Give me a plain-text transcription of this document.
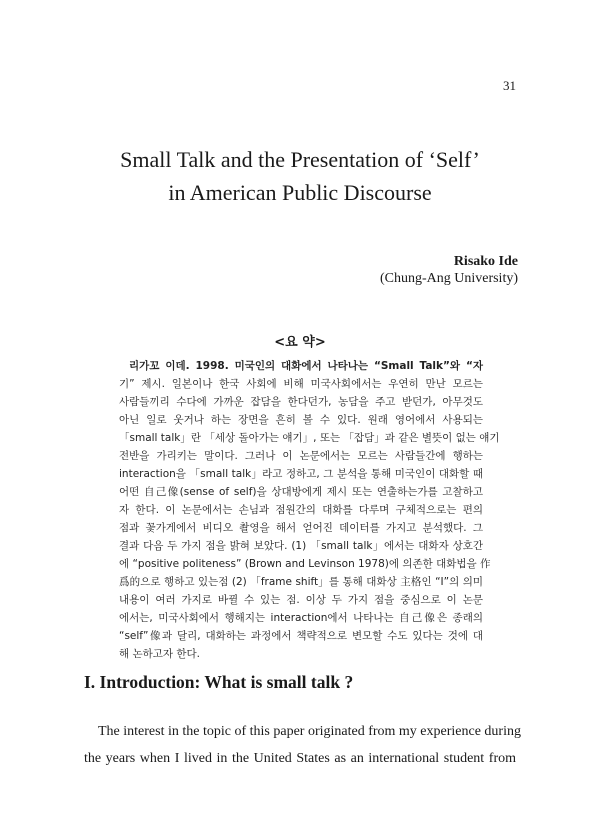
31
Small Talk and the Presentation of ‘Self’
in American Public Discourse
Risako Ide
(Chung-Ang University)
<요 약>
리가꼬 이데. 1998. 미국인의 대화에서 나타나는 “Small Talk”와 “자
기” 제시. 일본이나 한국 사회에 비해 미국사회에서는 우연히 만난 모르는
사람들끼리 수다에 가까운 잡담을 한다던가, 농담을 주고 받던가, 아무것도
아닌 일로 웃거나 하는 장면을 흔히 볼 수 있다. 원래 영어에서 사용되는
「small talk」란 「세상 돌아가는 얘기」, 또는 「잡담」과 같은 별뜻이 없는 얘기
전반을 가리키는 말이다. 그러나 이 논문에서는 모르는 사람들간에 행하는
interaction을 「small talk」라고 정하고, 그 분석을 통해 미국인이 대화할 때
어떤 自己像(sense of self)을 상대방에게 제시 또는 연출하는가를 고찰하고
자 한다. 이 논문에서는 손님과 점원간의 대화를 다루며 구체적으로는 편의
점과 꽃가게에서 비디오 촬영을 해서 얻어진 데이터를 가지고 분석했다. 그
결과 다음 두 가지 점을 밝혀 보았다. (1) 「small talk」에서는 대화자 상호간
에 “positive politeness” (Brown and Levinson 1978)에 의존한 대화법을 作
爲的으로 행하고 있는점 (2) 「frame shift」를 통해 대화상 主格인 “I”의 의미
내용이 여러 가지로 바뀔 수 있는 점. 이상 두 가지 점을 중심으로 이 논문
에서는, 미국사회에서 행해지는 interaction에서 나타나는 自己像은 종래의
“self”像과 달리, 대화하는 과정에서 책략적으로 변모할 수도 있다는 것에 대
해 논하고자 한다.
I. Introduction: What is small talk ?
The interest in the topic of this paper originated from my experience during
the years when I lived in the United States as an international student from
